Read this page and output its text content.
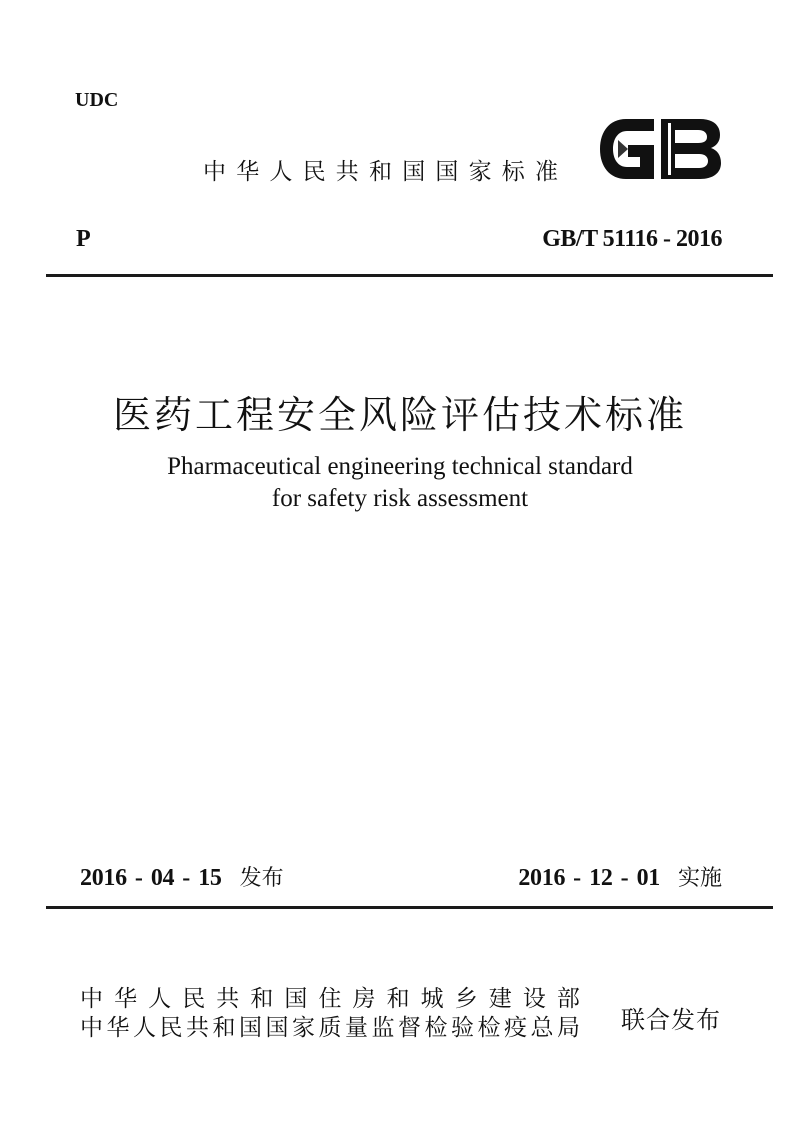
UDC
中华人民共和国国家标准
P	GB/T 51116 - 2016
医药工程安全风险评估技术标准
Pharmaceutical engineering technical standard
for safety risk assessment
2016 - 04 - 15 发布	2016 - 12 - 01 实施
中 华 人 民 共 和 国 住 房 和 城 乡 建 设 部
中 华 人 民 共 和 国 国 家 质 量 监 督 检 验 检 疫 总 局 联合发布
